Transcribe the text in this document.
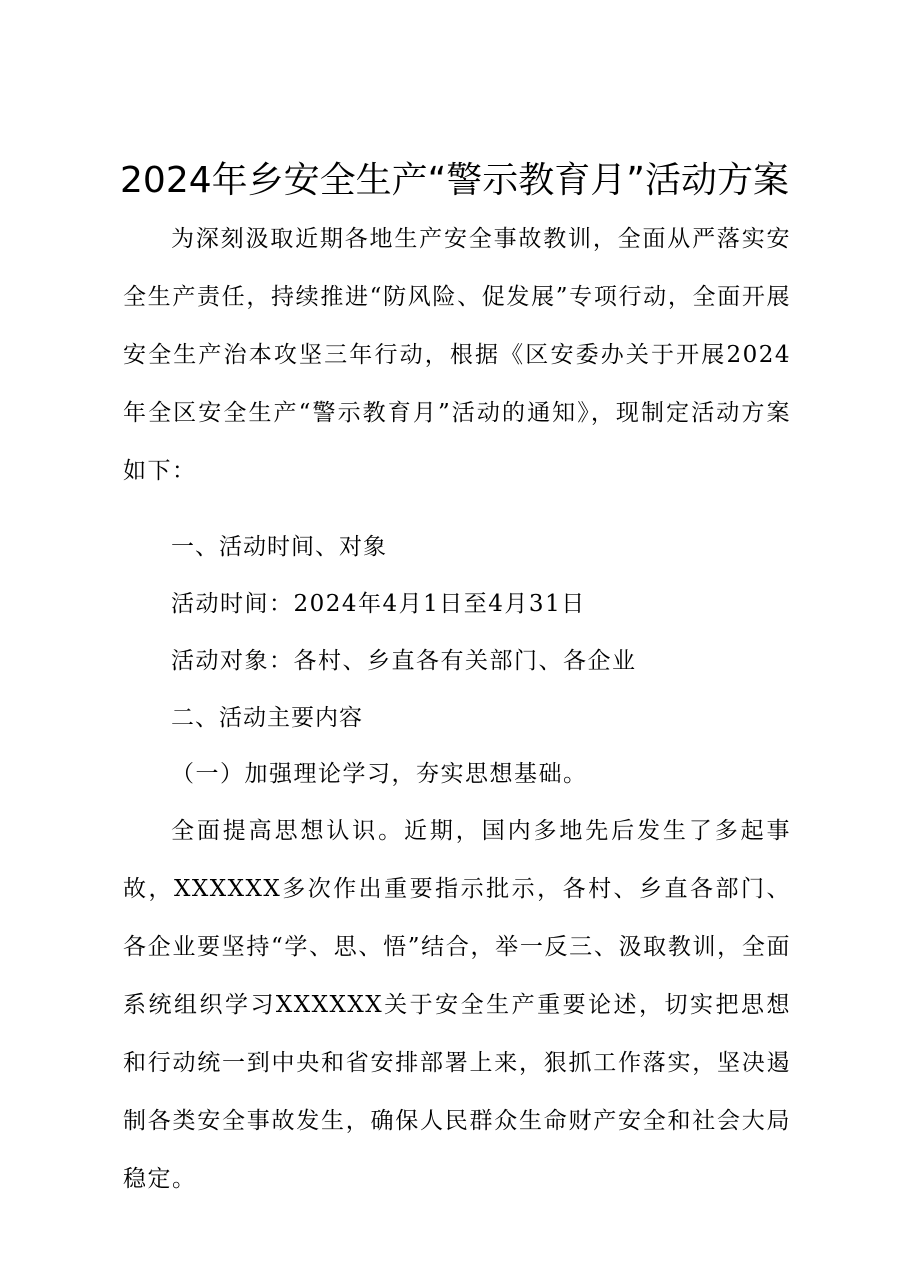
2024年乡安全生产“警示教育月”活动方案

为深刻汲取近期各地生产安全事故教训，全面从严落实安全生产责任，持续推进“防风险、促发展”专项行动，全面开展安全生产治本攻坚三年行动，根据《区安委办关于开展2024年全区安全生产“警示教育月”活动的通知》，现制定活动方案如下：

一、活动时间、对象

活动时间：2024年4月1日至4月31日

活动对象：各村、乡直各有关部门、各企业

二、活动主要内容

（一）加强理论学习，夯实思想基础。

全面提高思想认识。近期，国内多地先后发生了多起事故，XXXXXX多次作出重要指示批示，各村、乡直各部门、各企业要坚持“学、思、悟”结合，举一反三、汲取教训，全面系统组织学习XXXXXX关于安全生产重要论述，切实把思想和行动统一到中央和省安排部署上来，狠抓工作落实，坚决遏制各类安全事故发生，确保人民群众生命财产安全和社会大局稳定。
